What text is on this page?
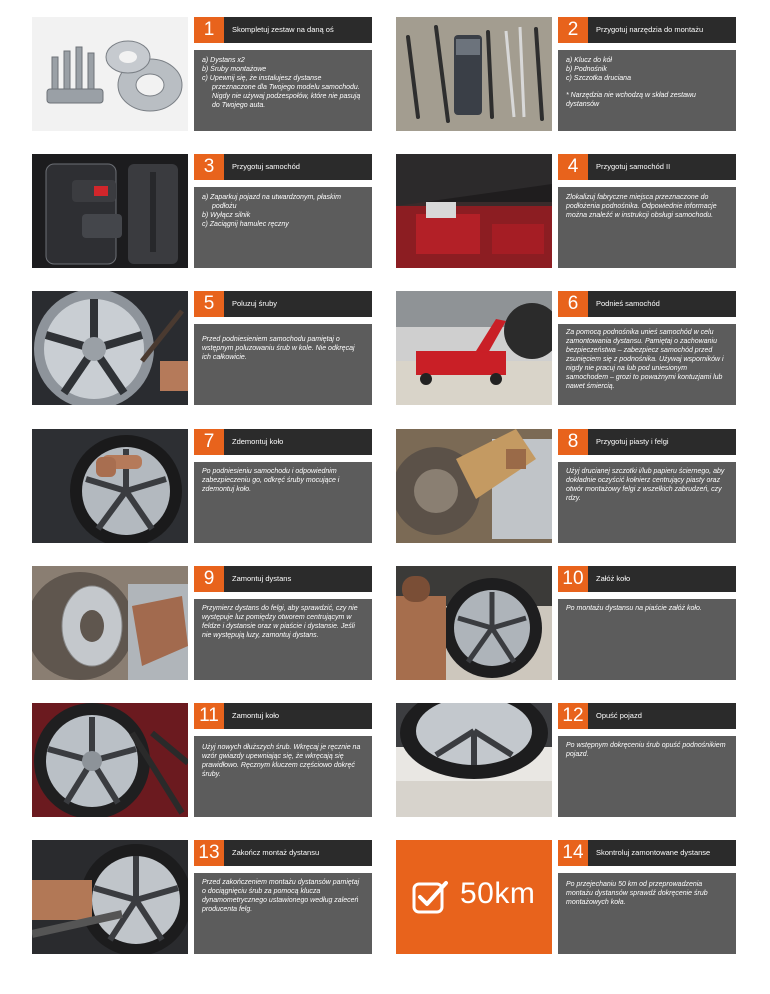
1	Skompletuj zestaw na daną oś
a) Dystans x2
b) Śruby montażowe
c) Upewnij się, że instalujesz dystanse przeznaczone dla Twojego modelu samochodu. Nigdy nie używaj podzespołów, które nie pasują do Twojego auta.
2	Przygotuj narzędzia do montażu
a) Klucz do kół
b) Podnośnik
c) Szczotka druciana

* Narzędzia nie wchodzą w skład zestawu dystansów

3	Przygotuj samochód
a) Zaparkuj pojazd na utwardzonym, płaskim podłożu
b) Wyłącz silnik
c) Zaciągnij hamulec ręczny
4	Przygotuj samochód II

Zlokalizuj fabryczne miejsca przeznaczone do podłożenia podnośnika. Odpowiednie informacje można znaleźć w instrukcji obsługi samochodu.

5	Poluzuj śruby

Przed podniesieniem samochodu pamiętaj o wstępnym poluzowaniu śrub w kole. Nie odkręcaj ich całkowicie.

6	Podnieś samochód

Za pomocą podnośnika unieś samochód w celu zamontowania dystansu. Pamiętaj o zachowaniu bezpieczeństwa – zabezpiecz samochód przed zsunięciem się z podnośnika. Używaj wsporników i nigdy nie pracuj na lub pod uniesionym samochodem – grozi to poważnymi kontuzjami lub nawet śmiercią.

7	Zdemontuj koło

Po podniesieniu samochodu i odpowiednim zabezpieczeniu go, odkręć śruby mocujące i zdemontuj koło.

8	Przygotuj piasty i felgi

Użyj drucianej szczotki i/lub papieru ściernego, aby dokładnie oczyścić kołnierz centrujący piasty oraz otwór montażowy felgi z wszelkich zabrudzeń, czy rdzy.

9	Zamontuj dystans

Przymierz dystans do felgi, aby sprawdzić, czy nie występuje luz pomiędzy otworem centrującym w feldze i dystansie oraz w piaście i dystansie. Jeśli nie występują luzy, zamontuj dystans.

10	Załóż koło

Po montażu dystansu na piaście załóż koło.

11	Zamontuj koło

Użyj nowych dłuższych śrub. Wkręcaj je ręcznie na wzór gwiazdy upewniając się, że wkręcają się prawidłowo. Ręcznym kluczem częściowo dokręć śruby.

12	Opuść pojazd

Po wstępnym dokręceniu śrub opuść podnośnikiem pojazd.

13	Zakończ montaż dystansu

Przed zakończeniem montażu dystansów pamiętaj o dociągnięciu śrub za pomocą klucza dynamometrycznego ustawionego według zaleceń producenta felg.	50km
14	Skontroluj zamontowane dystanse

Po przejechaniu 50 km od przeprowadzenia montażu dystansów sprawdź dokręcenie śrub montażowych koła.
